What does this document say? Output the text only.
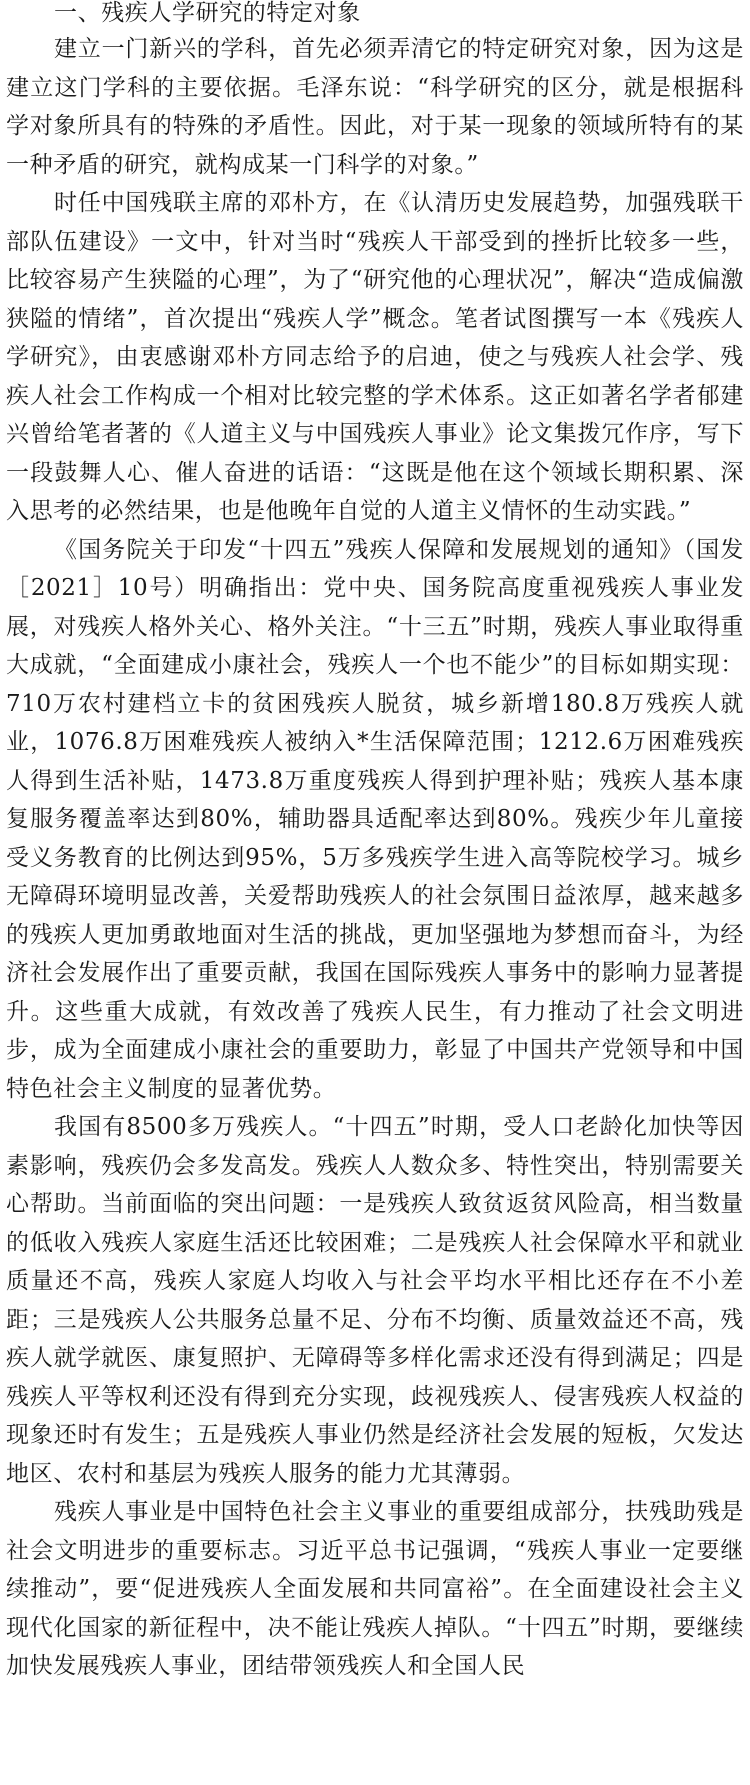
一、残疾人学研究的特定对象

建立一门新兴的学科，首先必须弄清它的特定研究对象，因为这是建立这门学科的主要依据。毛泽东说：“科学研究的区分，就是根据科学对象所具有的特殊的矛盾性。因此，对于某一现象的领域所特有的某一种矛盾的研究，就构成某一门科学的对象。”

时任中国残联主席的邓朴方，在《认清历史发展趋势，加强残联干部队伍建设》一文中，针对当时“残疾人干部受到的挫折比较多一些，比较容易产生狭隘的心理”，为了“研究他的心理状况”，解决“造成偏激狭隘的情绪”，首次提出“残疾人学”概念。笔者试图撰写一本《残疾人学研究》，由衷感谢邓朴方同志给予的启迪，使之与残疾人社会学、残疾人社会工作构成一个相对比较完整的学术体系。这正如著名学者郁建兴曾给笔者著的《人道主义与中国残疾人事业》论文集拨冗作序，写下一段鼓舞人心、催人奋进的话语：“这既是他在这个领域长期积累、深入思考的必然结果，也是他晚年自觉的人道主义情怀的生动实践。”

《国务院关于印发“十四五”残疾人保障和发展规划的通知》（国发［2021］10号）明确指出：党中央、国务院高度重视残疾人事业发展，对残疾人格外关心、格外关注。“十三五”时期，残疾人事业取得重大成就，“全面建成小康社会，残疾人一个也不能少”的目标如期实现：710万农村建档立卡的贫困残疾人脱贫，城乡新增180.8万残疾人就业，1076.8万困难残疾人被纳入*生活保障范围；1212.6万困难残疾人得到生活补贴，1473.8万重度残疾人得到护理补贴；残疾人基本康复服务覆盖率达到80%，辅助器具适配率达到80%。残疾少年儿童接受义务教育的比例达到95%，5万多残疾学生进入高等院校学习。城乡无障碍环境明显改善，关爱帮助残疾人的社会氛围日益浓厚，越来越多的残疾人更加勇敢地面对生活的挑战，更加坚强地为梦想而奋斗，为经济社会发展作出了重要贡献，我国在国际残疾人事务中的影响力显著提升。这些重大成就，有效改善了残疾人民生，有力推动了社会文明进步，成为全面建成小康社会的重要助力，彰显了中国共产党领导和中国特色社会主义制度的显著优势。

我国有8500多万残疾人。“十四五”时期，受人口老龄化加快等因素影响，残疾仍会多发高发。残疾人人数众多、特性突出，特别需要关心帮助。当前面临的突出问题：一是残疾人致贫返贫风险高，相当数量的低收入残疾人家庭生活还比较困难；二是残疾人社会保障水平和就业质量还不高，残疾人家庭人均收入与社会平均水平相比还存在不小差距；三是残疾人公共服务总量不足、分布不均衡、质量效益还不高，残疾人就学就医、康复照护、无障碍等多样化需求还没有得到满足；四是残疾人平等权利还没有得到充分实现，歧视残疾人、侵害残疾人权益的现象还时有发生；五是残疾人事业仍然是经济社会发展的短板，欠发达地区、农村和基层为残疾人服务的能力尤其薄弱。

残疾人事业是中国特色社会主义事业的重要组成部分，扶残助残是社会文明进步的重要标志。习近平总书记强调，“残疾人事业一定要继续推动”，要“促进残疾人全面发展和共同富裕”。在全面建设社会主义现代化国家的新征程中，决不能让残疾人掉队。“十四五”时期，要继续加快发展残疾人事业，团结带领残疾人和全国人民
